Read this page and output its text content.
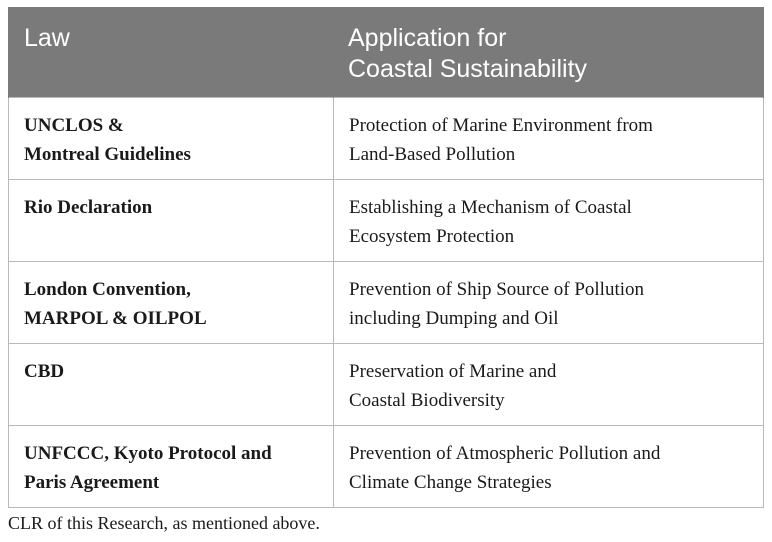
Law	Application for
Coastal Sustainability

UNCLOS &
Montreal Guidelines	Protection of Marine Environment from
Land-Based Pollution

Rio Declaration	Establishing a Mechanism of Coastal
Ecosystem Protection

London Convention,
MARPOL & OILPOL	Prevention of Ship Source of Pollution
including Dumping and Oil

CBD	Preservation of Marine and
Coastal Biodiversity

UNFCCC, Kyoto Protocol and
Paris Agreement	Prevention of Atmospheric Pollution and
Climate Change Strategies
CLR of this Research, as mentioned above.
